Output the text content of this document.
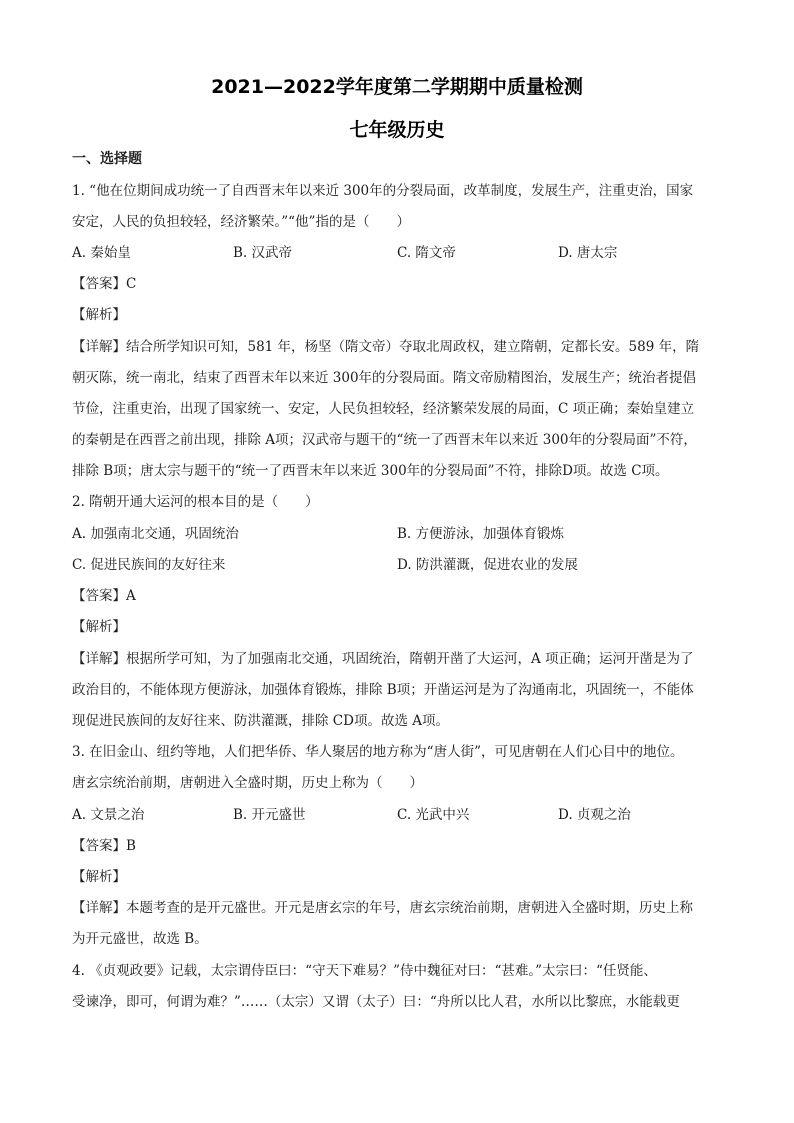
2021—2022学年度第二学期期中质量检测
七年级历史
一、选择题
1. “他在位期间成功统一了自西晋末年以来近 300年的分裂局面，改革制度，发展生产，注重吏治，国家
安定，人民的负担较轻，经济繁荣。”“他”指的是（　　）
A. 秦始皇	B. 汉武帝	C. 隋文帝	D. 唐太宗
【答案】C
【解析】
【详解】结合所学知识可知，581 年，杨坚（隋文帝）夺取北周政权，建立隋朝，定都长安。589 年，隋
朝灭陈，统一南北，结束了西晋末年以来近 300年的分裂局面。隋文帝励精图治，发展生产；统治者提倡
节俭，注重吏治，出现了国家统一、安定，人民负担较轻，经济繁荣发展的局面，C 项正确；秦始皇建立
的秦朝是在西晋之前出现，排除 A项；汉武帝与题干的“统一了西晋末年以来近 300年的分裂局面”不符，
排除 B项；唐太宗与题干的“统一了西晋末年以来近 300年的分裂局面”不符，排除D项。故选 C项。
2. 隋朝开通大运河的根本目的是（　　）
A. 加强南北交通，巩固统治	B. 方便游泳，加强体育锻炼
C. 促进民族间的友好往来	D. 防洪灌溉，促进农业的发展
【答案】A
【解析】
【详解】根据所学可知，为了加强南北交通，巩固统治，隋朝开凿了大运河，A 项正确；运河开凿是为了
政治目的，不能体现方便游泳，加强体育锻炼，排除 B项；开凿运河是为了沟通南北，巩固统一，不能体
现促进民族间的友好往来、防洪灌溉，排除 CD项。故选 A项。
3. 在旧金山、纽约等地，人们把华侨、华人聚居的地方称为“唐人街”，可见唐朝在人们心目中的地位。
唐玄宗统治前期，唐朝进入全盛时期，历史上称为（　　）
A. 文景之治	B. 开元盛世	C. 光武中兴	D. 贞观之治
【答案】B
【解析】
【详解】本题考查的是开元盛世。开元是唐玄宗的年号，唐玄宗统治前期，唐朝进入全盛时期，历史上称
为开元盛世，故选 B。
4. 《贞观政要》记载，太宗谓侍臣曰：“守天下难易？”侍中魏征对曰：“甚难。”太宗曰：“任贤能、
受谏净，即可，何谓为难？”……（太宗）又谓（太子）曰：“舟所以比人君，水所以比黎庶，水能载更
